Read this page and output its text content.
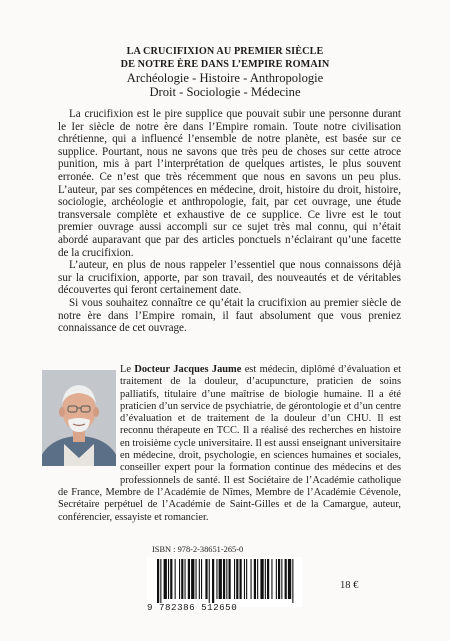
LA CRUCIFIXION AU PREMIER SIÈCLE
DE NOTRE ÈRE DANS L’EMPIRE ROMAIN
Archéologie - Histoire - Anthropologie
Droit - Sociologie - Médecine

La crucifixion est le pire supplice que pouvait subir une personne durant le Ier siècle de notre ère dans l’Empire romain. Toute notre civilisation chrétienne, qui a influencé l’ensemble de notre planète, est basée sur ce supplice. Pourtant, nous ne savons que très peu de choses sur cette atroce punition, mis à part l’interprétation de quelques artistes, le plus souvent erronée. Ce n’est que très récemment que nous en savons un peu plus. L’auteur, par ses compétences en médecine, droit, histoire du droit, histoire, sociologie, archéologie et anthropologie, fait, par cet ouvrage, une étude transversale complète et exhaustive de ce supplice. Ce livre est le tout premier ouvrage aussi accompli sur ce sujet très mal connu, qui n’était abordé auparavant que par des articles ponctuels n’éclairant qu’une facette de la crucifixion.

L’auteur, en plus de nous rappeler l’essentiel que nous connaissons déjà sur la crucifixion, apporte, par son travail, des nouveautés et de véritables découvertes qui feront certainement date.

Si vous souhaitez connaître ce qu’était la crucifixion au premier siècle de notre ère dans l’Empire romain, il faut absolument que vous preniez connaissance de cet ouvrage.

Le Docteur Jacques Jaume est médecin, diplômé d’évaluation et traitement de la douleur, d’acupuncture, praticien de soins palliatifs, titulaire d’une maîtrise de biologie humaine. Il a été praticien d’un service de psychiatrie, de gérontologie et d’un centre d’évaluation et de traitement de la douleur d’un CHU. Il est reconnu thérapeute en TCC. Il a réalisé des recherches en histoire en troisième cycle universitaire. Il est aussi enseignant universitaire en médecine, droit, psychologie, en sciences humaines et sociales, conseiller expert pour la formation continue des médecins et des professionnels de santé. Il est Sociétaire de l’Académie catholique de France, Membre de l’Académie de Nîmes, Membre de l’Académie Cévenole, Secrétaire perpétuel de l’Académie de Saint-Gilles et de la Camargue, auteur, conférencier, essayiste et romancier.
ISBN : 978-2-38651-265-0
9 782386 512650
18 €
